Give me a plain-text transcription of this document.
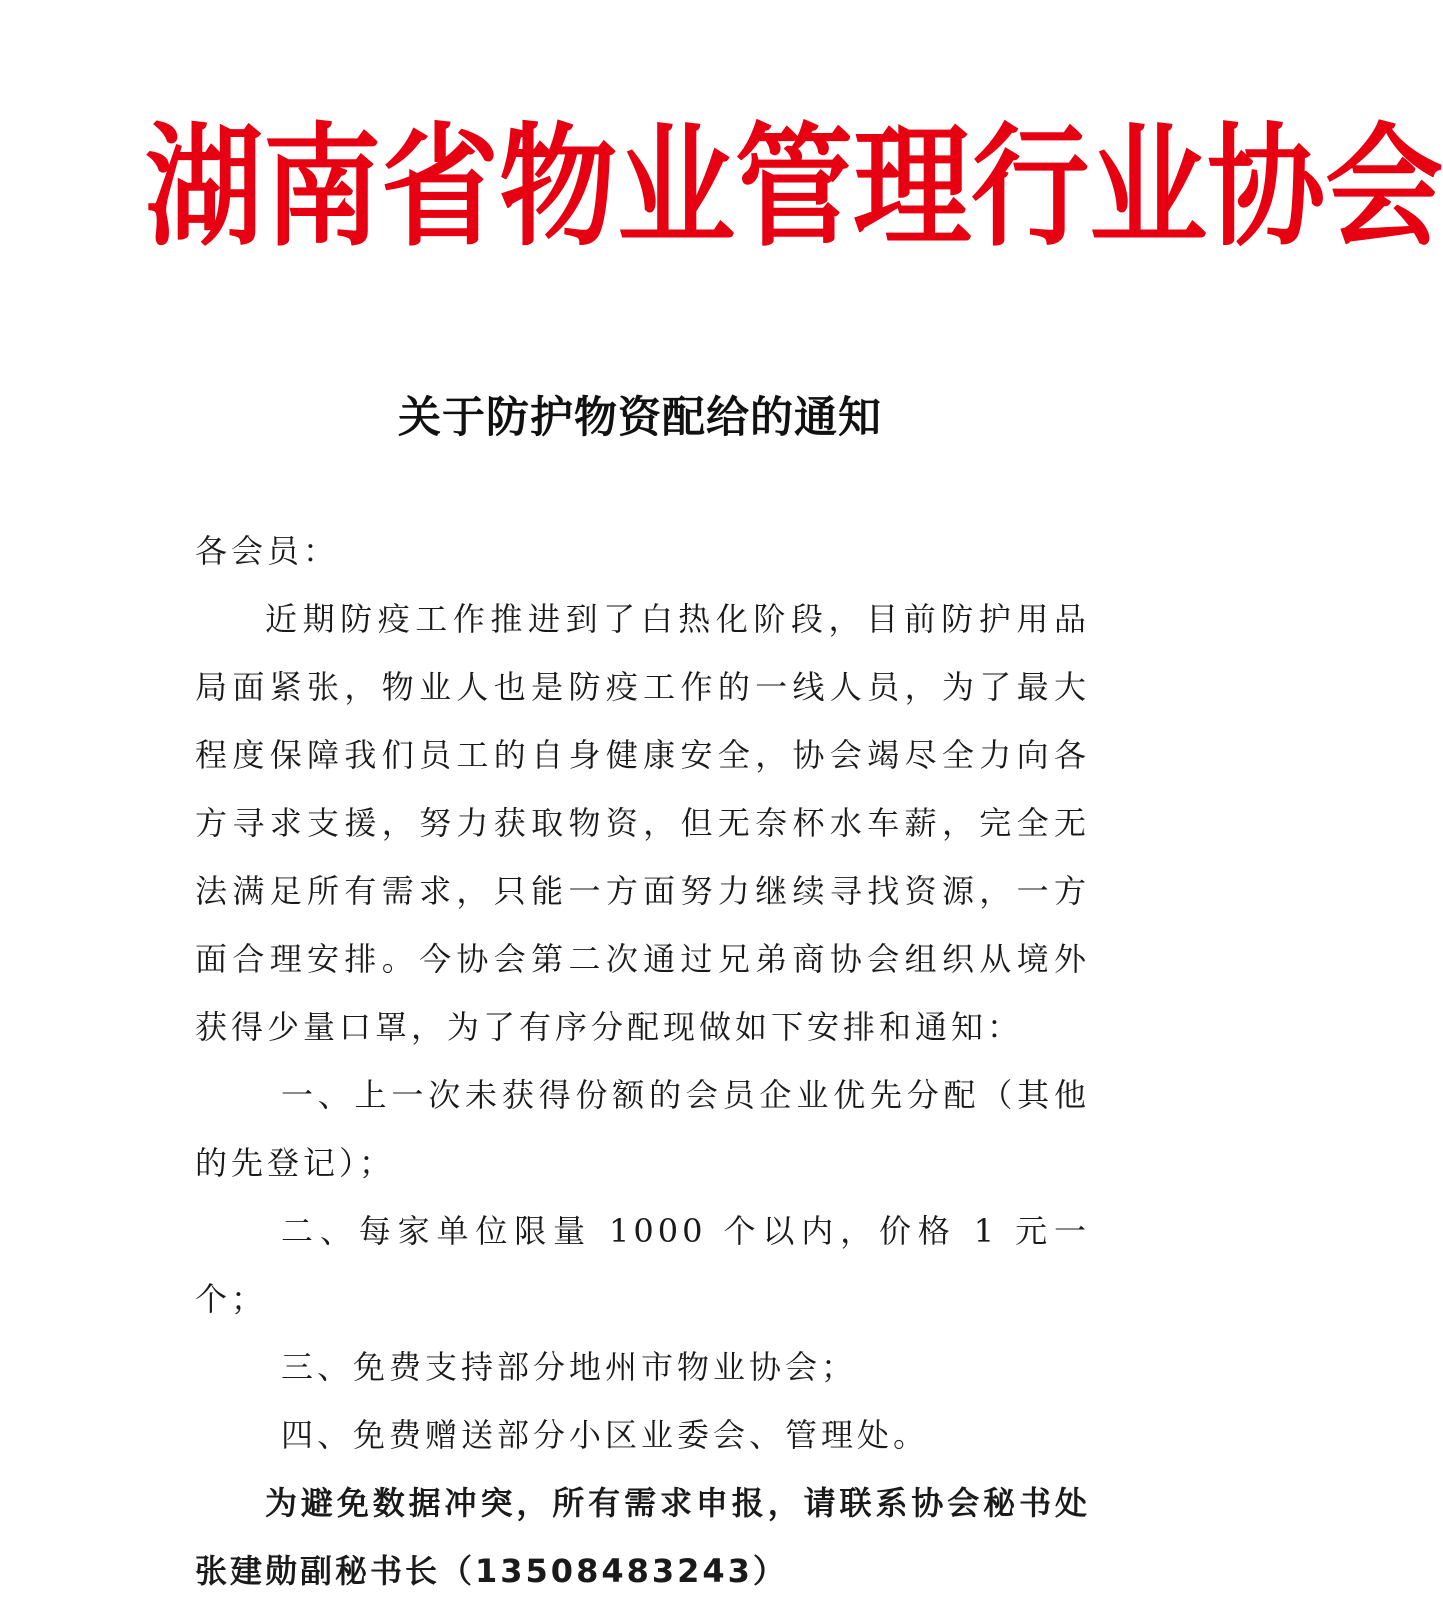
湖 南 省 物 业 管 理 行 业 协 会
关于防护物资配给的通知

各会员：

近期防疫工作推进到了白热化阶段，目前防护用品局面紧张，物业人也是防疫工作的一线人员，为了最大程度保障我们员工的自身健康安全，协会竭尽全力向各方寻求支援，努力获取物资，但无奈杯水车薪，完全无法满足所有需求，只能一方面努力继续寻找资源，一方面合理安排。今协会第二次通过兄弟商协会组织从境外获得少量口罩，为了有序分配现做如下安排和通知：

一、上一次未获得份额的会员企业优先分配（其他的先登记）；

二、每家单位限量 1000 个以内，价格 1 元一个；

三、免费支持部分地州市物业协会；

四、免费赠送部分小区业委会、管理处。

为避免数据冲突，所有需求申报，请联系协会秘书处张建勋副秘书长（13508483243）
